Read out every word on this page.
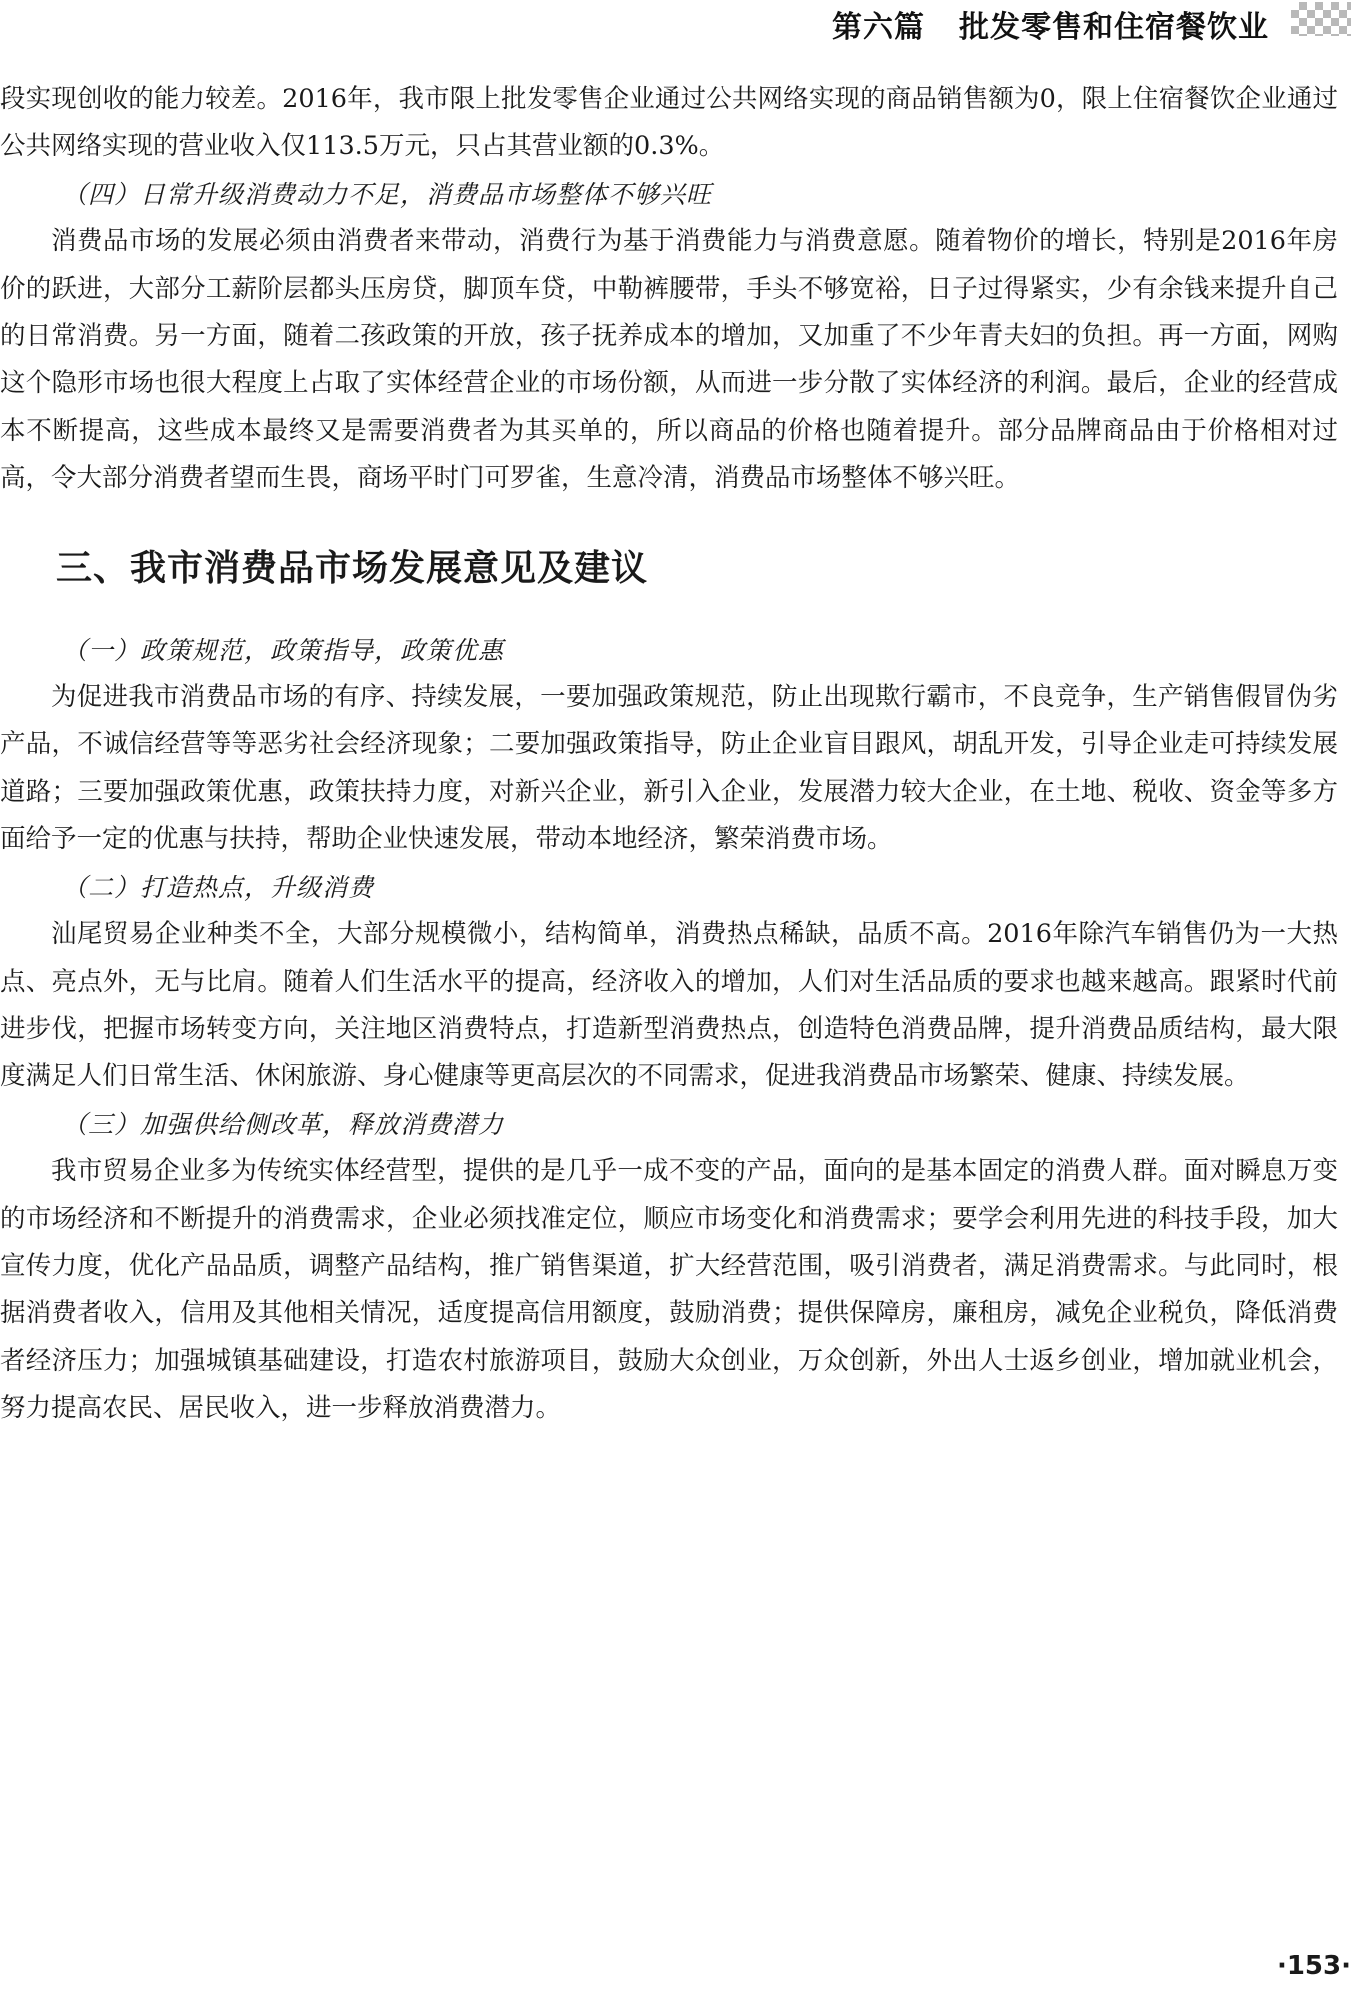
第六篇 批发零售和住宿餐饮业

段实现创收的能力较差。2016年，我市限上批发零售企业通过公共网络实现的商品销售额为0，限上住宿餐饮企业通过公共网络实现的营业收入仅113.5万元，只占其营业额的0.3%。

（四）日常升级消费动力不足，消费品市场整体不够兴旺

消费品市场的发展必须由消费者来带动，消费行为基于消费能力与消费意愿。随着物价的增长，特别是2016年房价的跃进，大部分工薪阶层都头压房贷，脚顶车贷，中勒裤腰带，手头不够宽裕，日子过得紧实，少有余钱来提升自己的日常消费。另一方面，随着二孩政策的开放，孩子抚养成本的增加，又加重了不少年青夫妇的负担。再一方面，网购这个隐形市场也很大程度上占取了实体经营企业的市场份额，从而进一步分散了实体经济的利润。最后，企业的经营成本不断提高，这些成本最终又是需要消费者为其买单的，所以商品的价格也随着提升。部分品牌商品由于价格相对过高，令大部分消费者望而生畏，商场平时门可罗雀，生意冷清，消费品市场整体不够兴旺。

三、我市消费品市场发展意见及建议

（一）政策规范，政策指导，政策优惠

为促进我市消费品市场的有序、持续发展，一要加强政策规范，防止出现欺行霸市，不良竞争，生产销售假冒伪劣产品，不诚信经营等等恶劣社会经济现象；二要加强政策指导，防止企业盲目跟风，胡乱开发，引导企业走可持续发展道路；三要加强政策优惠，政策扶持力度，对新兴企业，新引入企业，发展潜力较大企业，在土地、税收、资金等多方面给予一定的优惠与扶持，帮助企业快速发展，带动本地经济，繁荣消费市场。

（二）打造热点，升级消费

汕尾贸易企业种类不全，大部分规模微小，结构简单，消费热点稀缺，品质不高。2016年除汽车销售仍为一大热点、亮点外，无与比肩。随着人们生活水平的提高，经济收入的增加，人们对生活品质的要求也越来越高。跟紧时代前进步伐，把握市场转变方向，关注地区消费特点，打造新型消费热点，创造特色消费品牌，提升消费品质结构，最大限度满足人们日常生活、休闲旅游、身心健康等更高层次的不同需求，促进我消费品市场繁荣、健康、持续发展。

（三）加强供给侧改革，释放消费潜力

我市贸易企业多为传统实体经营型，提供的是几乎一成不变的产品，面向的是基本固定的消费人群。面对瞬息万变的市场经济和不断提升的消费需求，企业必须找准定位，顺应市场变化和消费需求；要学会利用先进的科技手段，加大宣传力度，优化产品品质，调整产品结构，推广销售渠道，扩大经营范围，吸引消费者，满足消费需求。与此同时，根据消费者收入，信用及其他相关情况，适度提高信用额度，鼓励消费；提供保障房，廉租房，减免企业税负，降低消费者经济压力；加强城镇基础建设，打造农村旅游项目，鼓励大众创业，万众创新，外出人士返乡创业，增加就业机会，努力提高农民、居民收入，进一步释放消费潜力。

·153·
